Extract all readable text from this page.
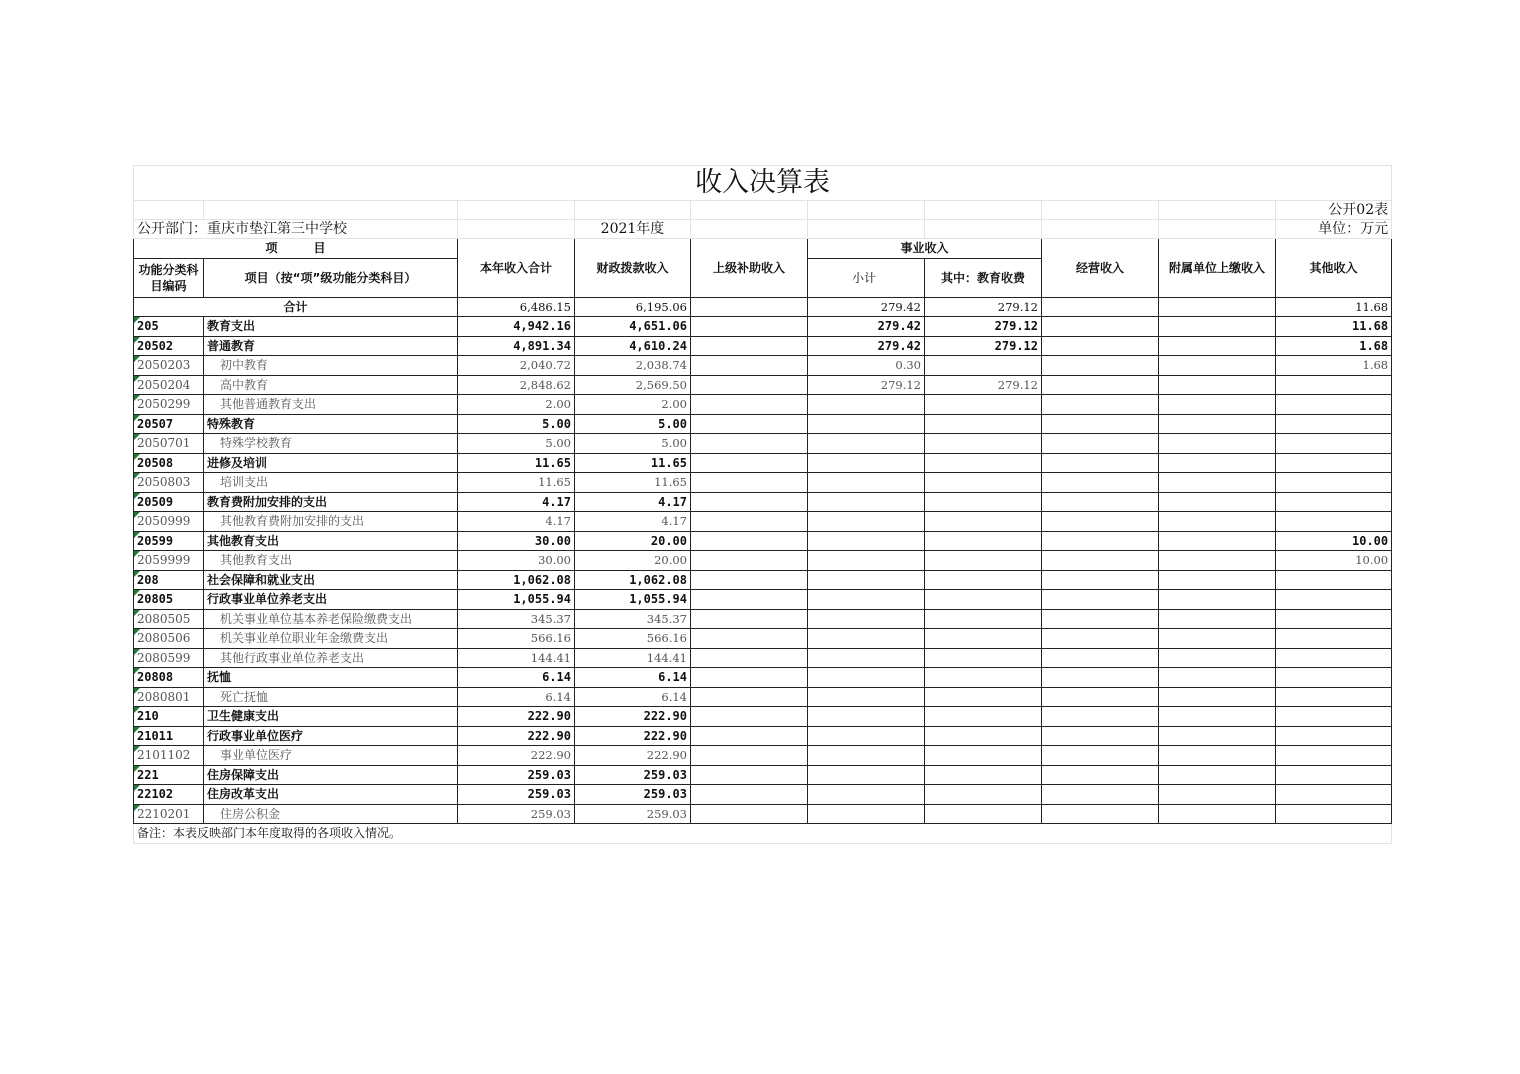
收入决算表									
									公开02表
公开部门：重庆市垫江第三中学校			2021年度						单位：万元
项　　　目		本年收入合计	财政拨款收入	上级补助收入	事业收入		经营收入	附属单位上缴收入	其他收入
功能分类科目编码	项目（按“项”级功能分类科目）								
					小计	其中：教育收费			
合计		6,486.15	6,195.06		279.42	279.12			11.68

205	教育支出	4,942.16	4,651.06		279.42	279.12			11.68

20502	普通教育	4,891.34	4,610.24		279.42	279.12			1.68

2050203	初中教育	2,040.72	2,038.74		0.30				1.68

2050204	高中教育	2,848.62	2,569.50		279.12	279.12			

2050299	其他普通教育支出	2.00	2.00						

20507	特殊教育	5.00	5.00						

2050701	特殊学校教育	5.00	5.00						

20508	进修及培训	11.65	11.65						

2050803	培训支出	11.65	11.65						

20509	教育费附加安排的支出	4.17	4.17						

2050999	其他教育费附加安排的支出	4.17	4.17						

20599	其他教育支出	30.00	20.00						10.00

2059999	其他教育支出	30.00	20.00						10.00

208	社会保障和就业支出	1,062.08	1,062.08						

20805	行政事业单位养老支出	1,055.94	1,055.94						

2080505	机关事业单位基本养老保险缴费支出	345.37	345.37						

2080506	机关事业单位职业年金缴费支出	566.16	566.16						

2080599	其他行政事业单位养老支出	144.41	144.41						

20808	抚恤	6.14	6.14						

2080801	死亡抚恤	6.14	6.14						

210	卫生健康支出	222.90	222.90						

21011	行政事业单位医疗	222.90	222.90						

2101102	事业单位医疗	222.90	222.90						

221	住房保障支出	259.03	259.03						

22102	住房改革支出	259.03	259.03						

2210201	住房公积金	259.03	259.03						
备注：本表反映部门本年度取得的各项收入情况。									
